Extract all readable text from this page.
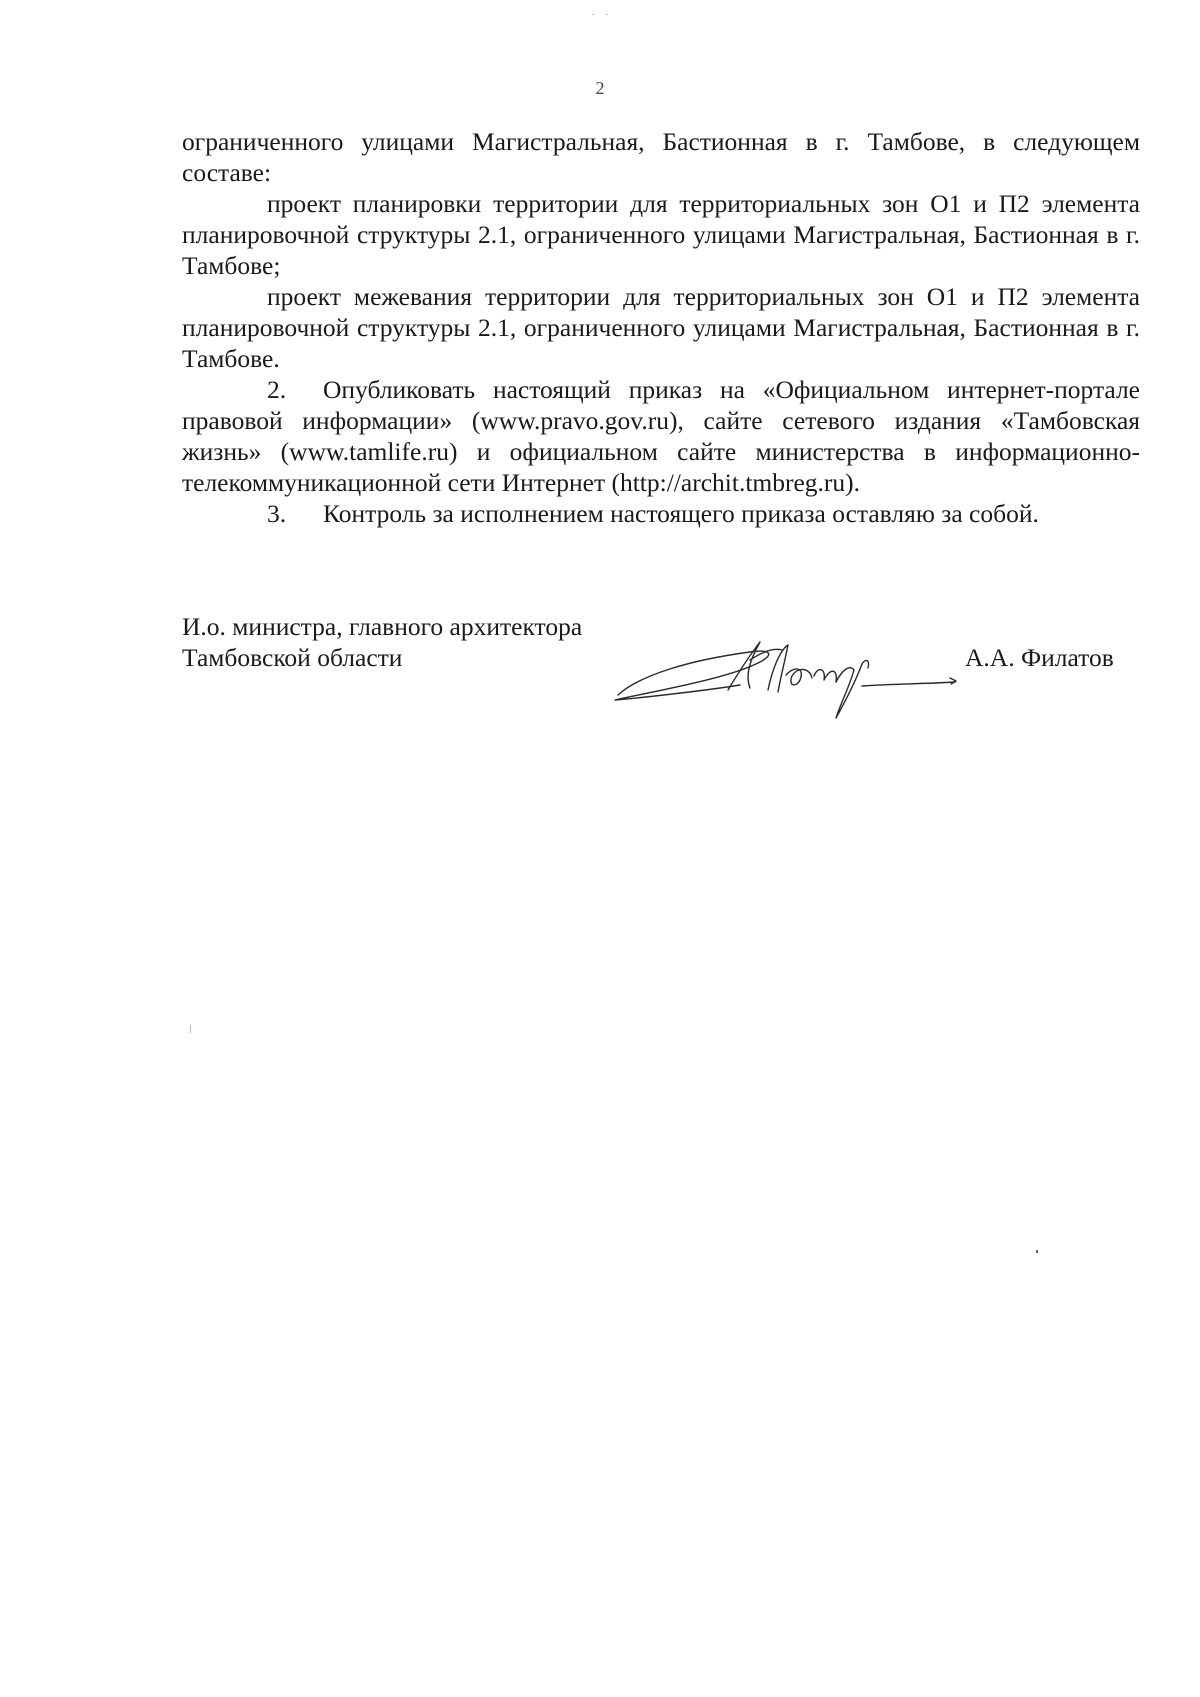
2

ограниченного улицами Магистральная, Бастионная в г. Тамбове, в следующем составе:

проект планировки территории для территориальных зон О1 и П2 элемента планировочной структуры 2.1, ограниченного улицами Магистральная, Бастионная в г. Тамбове;

проект межевания территории для территориальных зон О1 и П2 элемента планировочной структуры 2.1, ограниченного улицами Магистральная, Бастионная в г. Тамбове.

2. Опубликовать настоящий приказ на «Официальном интернет-портале правовой информации» (www.pravo.gov.ru), сайте сетевого издания «Тамбовская жизнь» (www.tamlife.ru) и официальном сайте министерства в информационно-телекоммуникационной сети Интернет (http://archit.tmbreg.ru).

3. Контроль за исполнением настоящего приказа оставляю за собой.

И.о. министра, главного архитектора
Тамбовской области	А.А. Филатов
